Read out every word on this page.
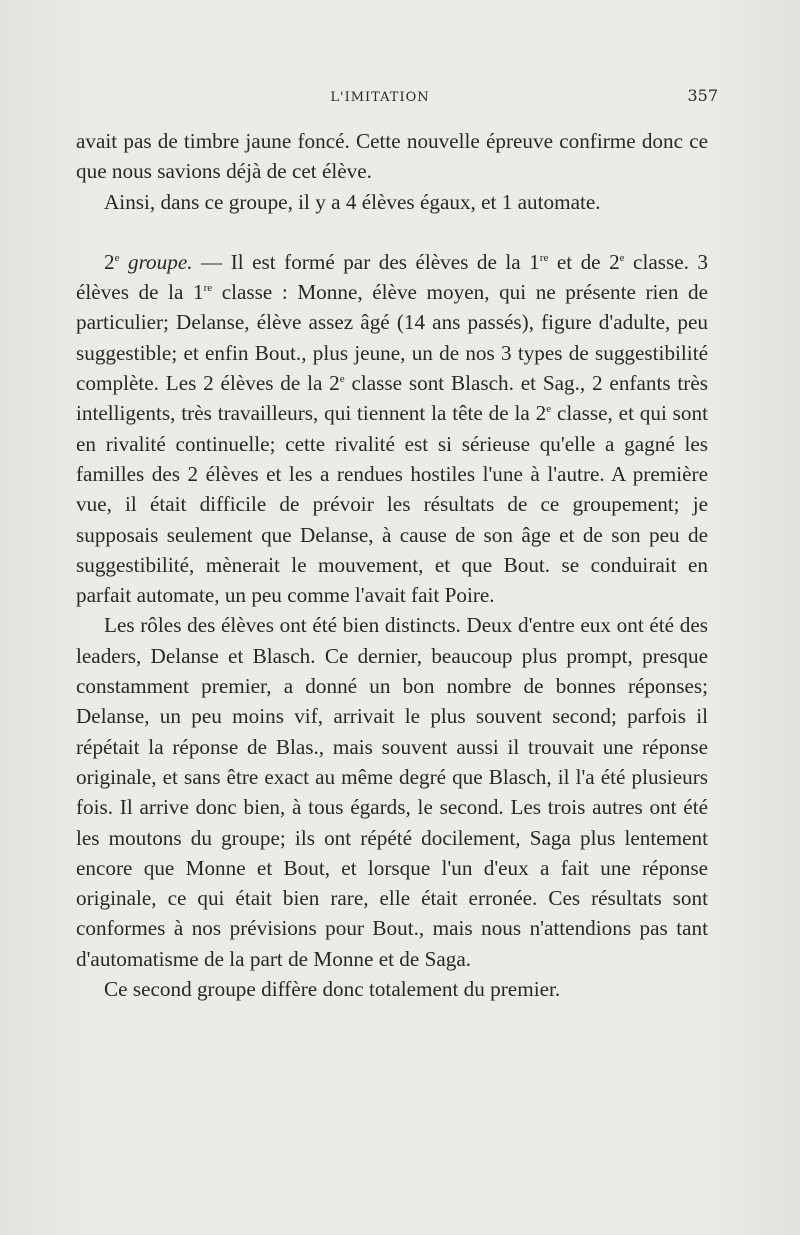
L'IMITATION	357

avait pas de timbre jaune foncé. Cette nouvelle épreuve confirme donc ce que nous savions déjà de cet élève.

Ainsi, dans ce groupe, il y a 4 élèves égaux, et 1 automate.

2e groupe. — Il est formé par des élèves de la 1re et de 2e classe. 3 élèves de la 1re classe : Monne, élève moyen, qui ne présente rien de particulier; Delanse, élève assez âgé (14 ans passés), figure d'adulte, peu suggestible; et enfin Bout., plus jeune, un de nos 3 types de suggestibilité complète. Les 2 élèves de la 2e classe sont Blasch. et Sag., 2 enfants très intelligents, très travailleurs, qui tiennent la tête de la 2e classe, et qui sont en rivalité continuelle; cette rivalité est si sérieuse qu'elle a gagné les familles des 2 élèves et les a rendues hostiles l'une à l'autre. A première vue, il était difficile de prévoir les résultats de ce groupement; je supposais seulement que Delanse, à cause de son âge et de son peu de suggestibilité, mènerait le mouvement, et que Bout. se conduirait en parfait automate, un peu comme l'avait fait Poire.

Les rôles des élèves ont été bien distincts. Deux d'entre eux ont été des leaders, Delanse et Blasch. Ce dernier, beaucoup plus prompt, presque constamment premier, a donné un bon nombre de bonnes réponses; Delanse, un peu moins vif, arrivait le plus souvent second; parfois il répétait la réponse de Blas., mais souvent aussi il trouvait une réponse originale, et sans être exact au même degré que Blasch, il l'a été plusieurs fois. Il arrive donc bien, à tous égards, le second. Les trois autres ont été les moutons du groupe; ils ont répété docilement, Saga plus lentement encore que Monne et Bout, et lorsque l'un d'eux a fait une réponse originale, ce qui était bien rare, elle était erronée. Ces résultats sont conformes à nos prévisions pour Bout., mais nous n'attendions pas tant d'automatisme de la part de Monne et de Saga.

Ce second groupe diffère donc totalement du premier.
